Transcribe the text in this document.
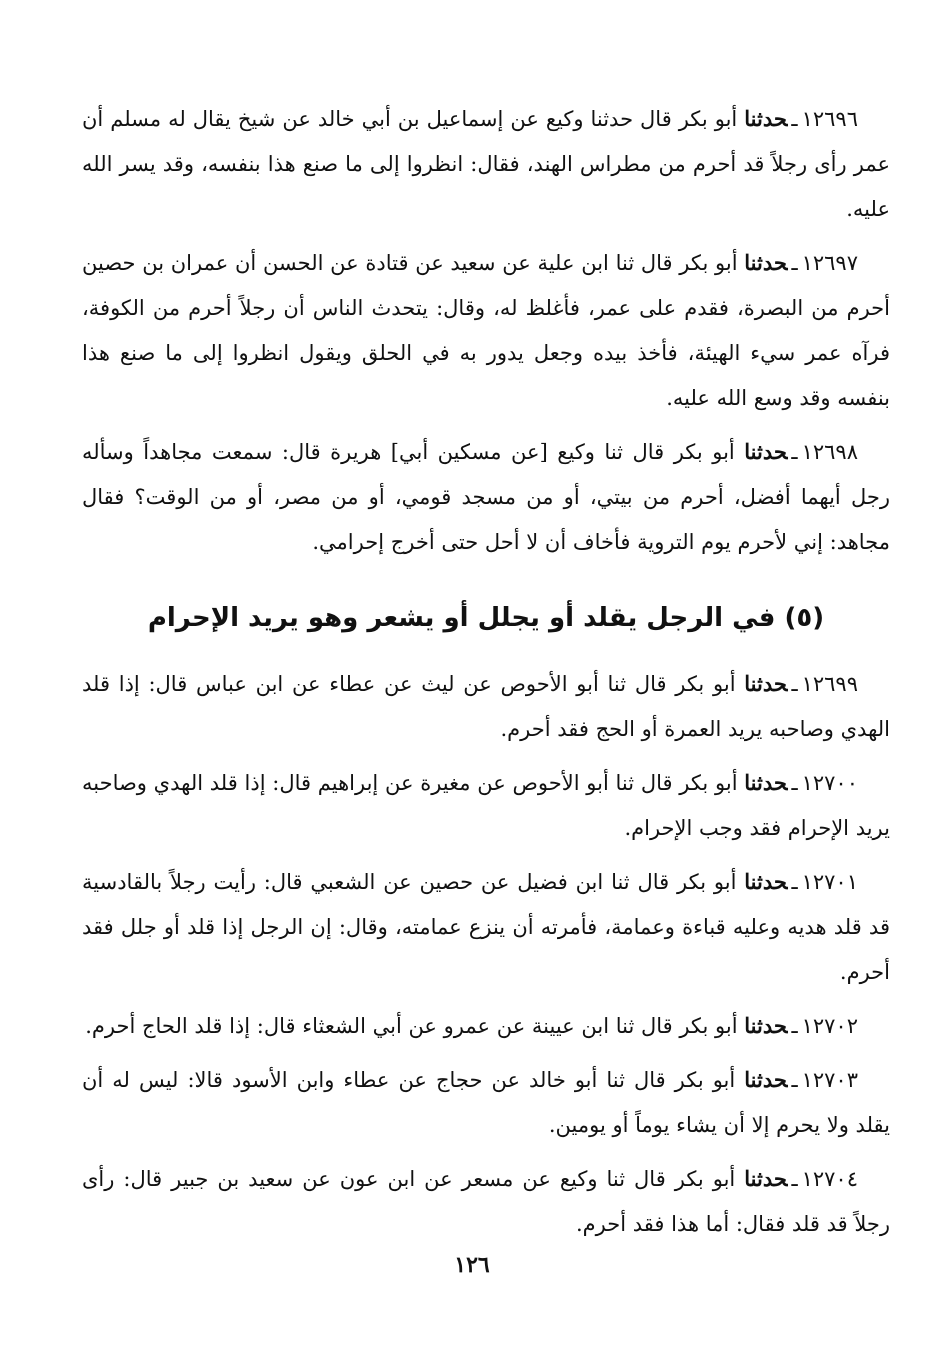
١٢٦٩٦ـحدثنا أبو بكر قال حدثنا وكيع عن إسماعيل بن أبي خالد عن شيخ يقال له مسلم أن عمر رأى رجلاً قد أحرم من مطراس الهند، فقال: انظروا إلى ما صنع هذا بنفسه، وقد يسر الله عليه.

١٢٦٩٧ـحدثنا أبو بكر قال ثنا ابن علية عن سعيد عن قتادة عن الحسن أن عمران بن حصين أحرم من البصرة، فقدم على عمر، فأغلظ له، وقال: يتحدث الناس أن رجلاً أحرم من الكوفة، فرآه عمر سيء الهيئة، فأخذ بيده وجعل يدور به في الحلق ويقول انظروا إلى ما صنع هذا بنفسه وقد وسع الله عليه.

١٢٦٩٨ـحدثنا أبو بكر قال ثنا وكيع [عن مسكين أبي] هريرة قال: سمعت مجاهداً وسأله رجل أيهما أفضل، أحرم من بيتي، أو من مسجد قومي، أو من مصر، أو من الوقت؟ فقال مجاهد: إني لأحرم يوم التروية فأخاف أن لا أحل حتى أخرج إحرامي.

(٥) في الرجل يقلد أو يجلل أو يشعر وهو يريد الإحرام

١٢٦٩٩ـحدثنا أبو بكر قال ثنا أبو الأحوص عن ليث عن عطاء عن ابن عباس قال: إذا قلد الهدي وصاحبه يريد العمرة أو الحج فقد أحرم.

١٢٧٠٠ـحدثنا أبو بكر قال ثنا أبو الأحوص عن مغيرة عن إبراهيم قال: إذا قلد الهدي وصاحبه يريد الإحرام فقد وجب الإحرام.

١٢٧٠١ـحدثنا أبو بكر قال ثنا ابن فضيل عن حصين عن الشعبي قال: رأيت رجلاً بالقادسية قد قلد هديه وعليه قباءة وعمامة، فأمرته أن ينزع عمامته، وقال: إن الرجل إذا قلد أو جلل فقد أحرم.

١٢٧٠٢ـحدثنا أبو بكر قال ثنا ابن عيينة عن عمرو عن أبي الشعثاء قال: إذا قلد الحاج أحرم.

١٢٧٠٣ـحدثنا أبو بكر قال ثنا أبو خالد عن حجاج عن عطاء وابن الأسود قالا: ليس له أن يقلد ولا يحرم إلا أن يشاء يوماً أو يومين.

١٢٧٠٤ـحدثنا أبو بكر قال ثنا وكيع عن مسعر عن ابن عون عن سعيد بن جبير قال: رأى رجلاً قد قلد فقال: أما هذا فقد أحرم.

١٢٦
